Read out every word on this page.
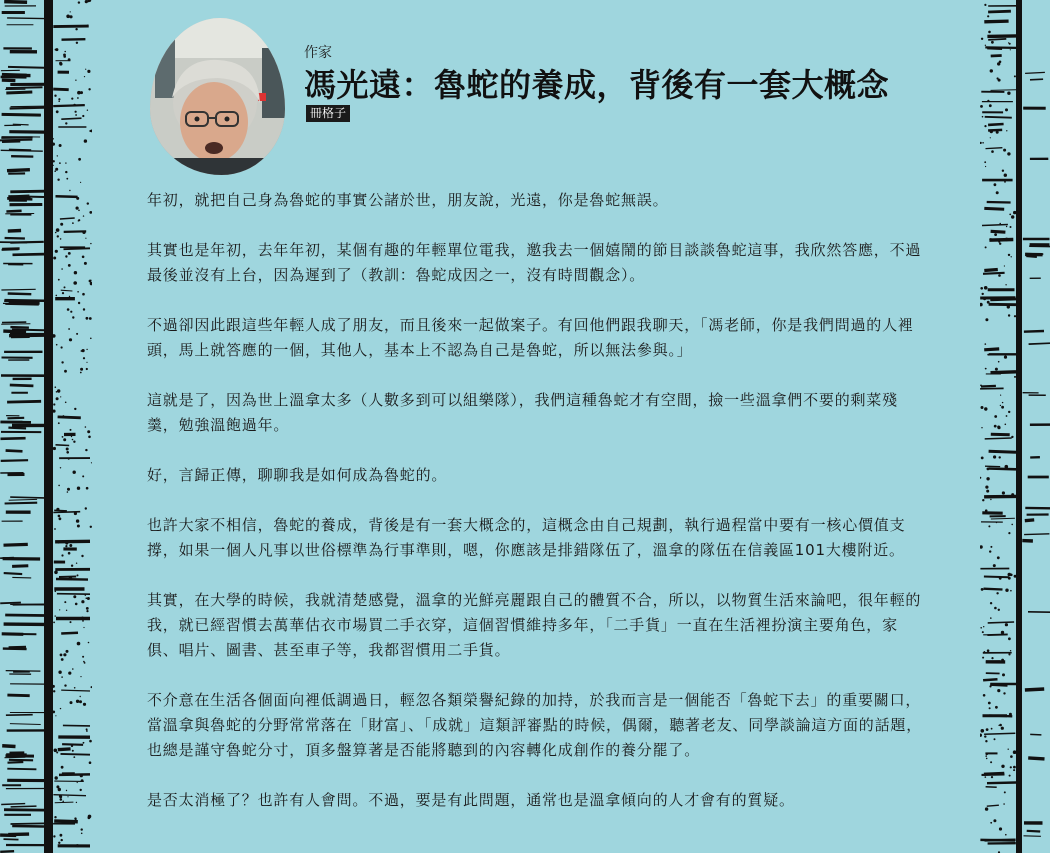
作家
馮光遠：魯蛇的養成，背後有一套大概念
冊格子

年初，就把自己身為魯蛇的事實公諸於世，朋友說，光遠，你是魯蛇無誤。

其實也是年初，去年年初，某個有趣的年輕單位電我，邀我去一個嬉鬧的節目談談魯蛇這事，我欣然答應，不過最後並沒有上台，因為遲到了（教訓：魯蛇成因之一，沒有時間觀念）。

不過卻因此跟這些年輕人成了朋友，而且後來一起做案子。有回他們跟我聊天，「馮老師，你是我們問過的人裡頭，馬上就答應的一個，其他人，基本上不認為自己是魯蛇，所以無法參與。」

這就是了，因為世上溫拿太多（人數多到可以組樂隊），我們這種魯蛇才有空間，撿一些溫拿們不要的剩菜殘羹，勉強溫飽過年。

好，言歸正傳，聊聊我是如何成為魯蛇的。

也許大家不相信，魯蛇的養成，背後是有一套大概念的，這概念由自己規劃，執行過程當中要有一核心價值支撐，如果一個人凡事以世俗標準為行事準則，嗯，你應該是排錯隊伍了，溫拿的隊伍在信義區101大樓附近。

其實，在大學的時候，我就清楚感覺，溫拿的光鮮亮麗跟自己的體質不合，所以，以物質生活來論吧，很年輕的我，就已經習慣去萬華估衣市場買二手衣穿，這個習慣維持多年，「二手貨」一直在生活裡扮演主要角色，家俱、唱片、圖書、甚至車子等，我都習慣用二手貨。

不介意在生活各個面向裡低調過日，輕忽各類榮譽紀錄的加持，於我而言是一個能否「魯蛇下去」的重要關口，當溫拿與魯蛇的分野常常落在「財富」、「成就」這類評審點的時候，偶爾，聽著老友、同學談論這方面的話題，也總是謹守魯蛇分寸，頂多盤算著是否能將聽到的內容轉化成創作的養分罷了。

是否太消極了？也許有人會問。不過，要是有此問題，通常也是溫拿傾向的人才會有的質疑。
